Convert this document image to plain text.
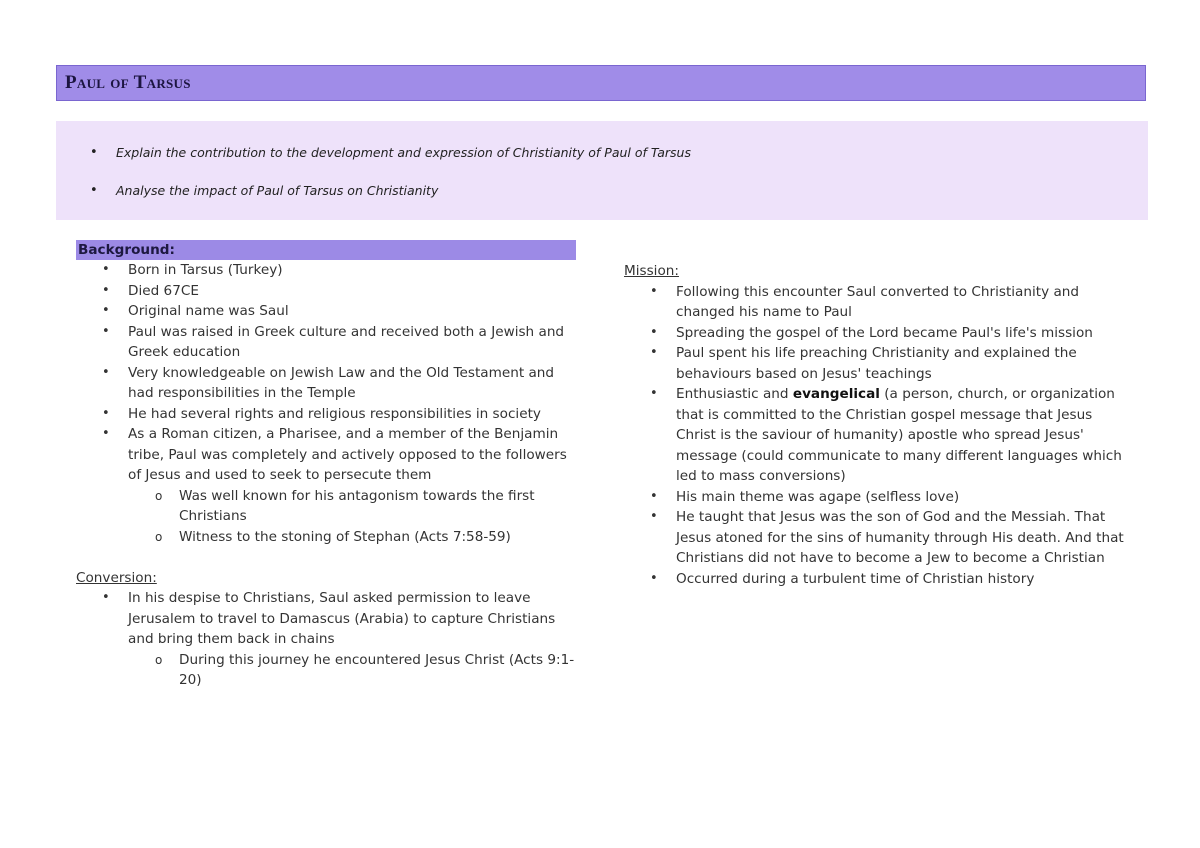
Paul of Tarsus
• Explain the contribution to the development and expression of Christianity of Paul of Tarsus
• Analyse the impact of Paul of Tarsus on Christianity
Background:
• Born in Tarsus (Turkey)
• Died 67CE
• Original name was Saul
• Paul was raised in Greek culture and received both a Jewish and Greek education
• Very knowledgeable on Jewish Law and the Old Testament and had responsibilities in the Temple
• He had several rights and religious responsibilities in society
• As a Roman citizen, a Pharisee, and a member of the Benjamin tribe, Paul was completely and actively opposed to the followers of Jesus and used to seek to persecute them
o Was well known for his antagonism towards the first Christians
o Witness to the stoning of Stephan (Acts 7:58-59)
Conversion:
• In his despise to Christians, Saul asked permission to leave Jerusalem to travel to Damascus (Arabia) to capture Christians and bring them back in chains
o During this journey he encountered Jesus Christ (Acts 9:1-20)
Mission:
• Following this encounter Saul converted to Christianity and changed his name to Paul
• Spreading the gospel of the Lord became Paul's life's mission
• Paul spent his life preaching Christianity and explained the behaviours based on Jesus' teachings
• Enthusiastic and evangelical (a person, church, or organization that is committed to the Christian gospel message that Jesus Christ is the saviour of humanity) apostle who spread Jesus' message (could communicate to many different languages which led to mass conversions)
• His main theme was agape (selfless love)
• He taught that Jesus was the son of God and the Messiah. That Jesus atoned for the sins of humanity through His death. And that Christians did not have to become a Jew to become a Christian
• Occurred during a turbulent time of Christian history
